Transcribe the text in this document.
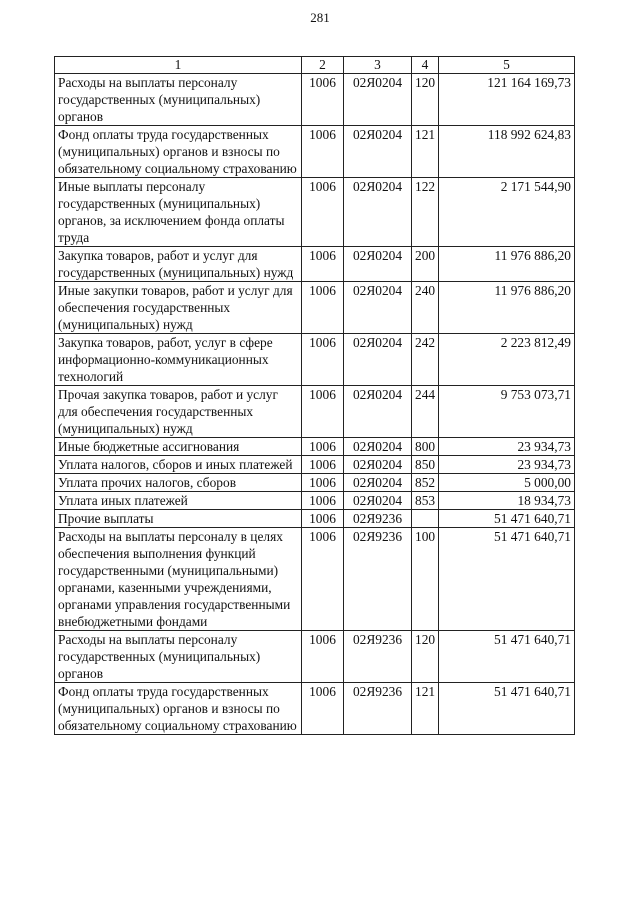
281
1	2	3	4	5
Расходы на выплаты персоналу государственных (муниципальных) органов	1006	02Я0204	120	121 164 169,73
Фонд оплаты труда государственных (муниципальных) органов и взносы по обязательному социальному страхованию	1006	02Я0204	121	118 992 624,83
Иные выплаты персоналу государственных (муниципальных) органов, за исключением фонда оплаты труда	1006	02Я0204	122	2 171 544,90
Закупка товаров, работ и услуг для государственных (муниципальных) нужд	1006	02Я0204	200	11 976 886,20
Иные закупки товаров, работ и услуг для обеспечения государственных (муниципальных) нужд	1006	02Я0204	240	11 976 886,20
Закупка товаров, работ, услуг в сфере информационно-коммуникационных технологий	1006	02Я0204	242	2 223 812,49
Прочая закупка товаров, работ и услуг для обеспечения государственных (муниципальных) нужд	1006	02Я0204	244	9 753 073,71
Иные бюджетные ассигнования	1006	02Я0204	800	23 934,73
Уплата налогов, сборов и иных платежей	1006	02Я0204	850	23 934,73
Уплата прочих налогов, сборов	1006	02Я0204	852	5 000,00
Уплата иных платежей	1006	02Я0204	853	18 934,73
Прочие выплаты	1006	02Я9236		51 471 640,71
Расходы на выплаты персоналу в целях обеспечения выполнения функций государственными (муниципальными) органами, казенными учреждениями, органами управления государственными внебюджетными фондами	1006	02Я9236	100	51 471 640,71
Расходы на выплаты персоналу государственных (муниципальных) органов	1006	02Я9236	120	51 471 640,71
Фонд оплаты труда государственных (муниципальных) органов и взносы по обязательному социальному страхованию	1006	02Я9236	121	51 471 640,71
